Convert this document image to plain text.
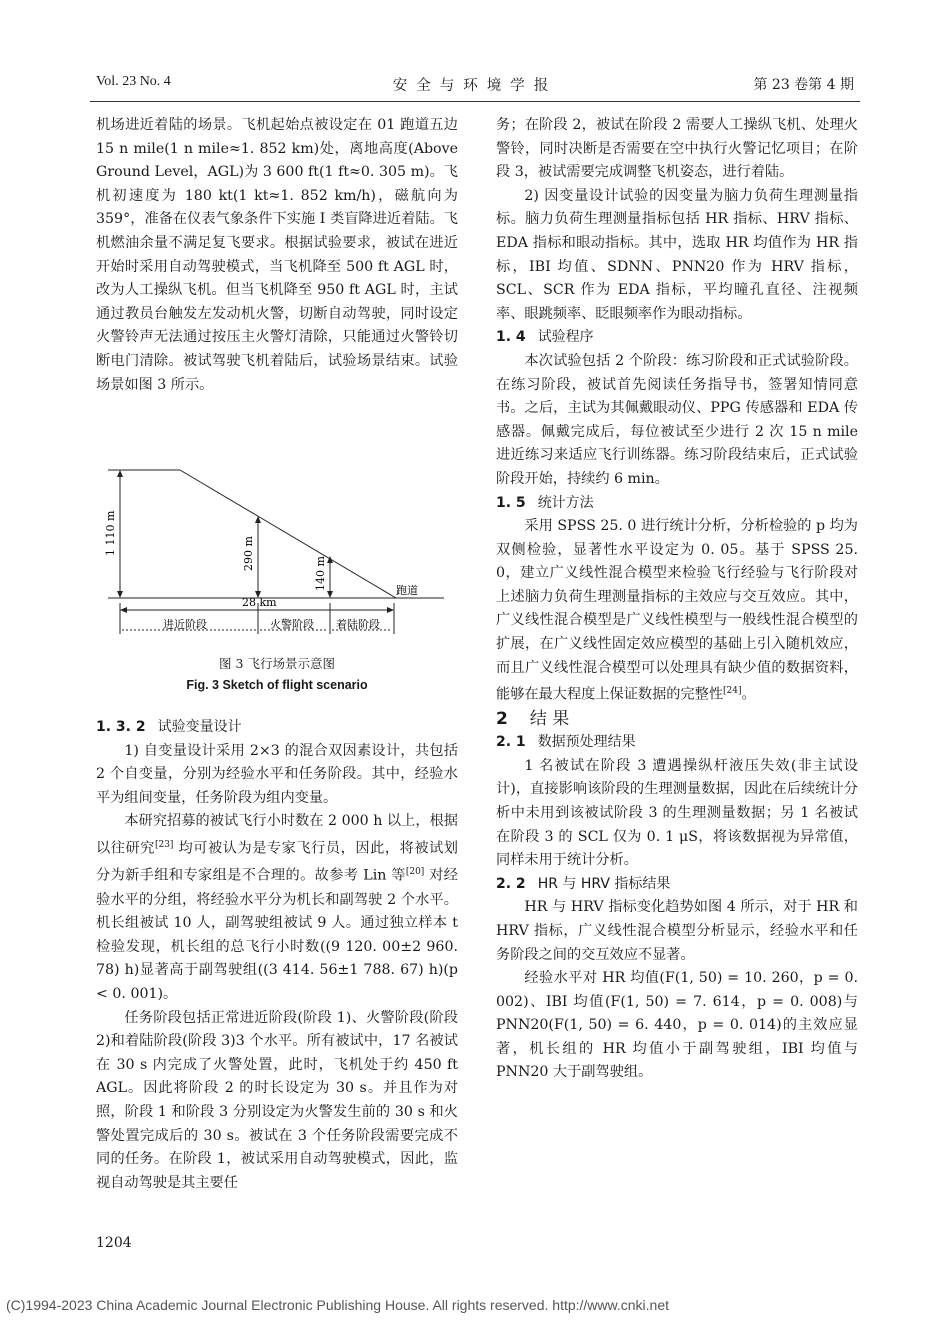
Vol. 23 No. 4	安全与环境学报	第 23 卷第 4 期

机场进近着陆的场景。飞机起始点被设定在 01 跑道五边 15 n mile(1 n mile≈1. 852 km)处，离地高度(Above Ground Level，AGL)为 3 600 ft(1 ft≈0. 305 m)。飞机初速度为 180 kt(1 kt≈1. 852 km/h)，磁航向为 359°，准备在仪表气象条件下实施 Ⅰ 类盲降进近着陆。飞机燃油余量不满足复飞要求。根据试验要求，被试在进近开始时采用自动驾驶模式，当飞机降至 500 ft AGL 时，改为人工操纵飞机。但当飞机降至 950 ft AGL 时，主试通过教员台触发左发动机火警，切断自动驾驶，同时设定火警铃声无法通过按压主火警灯清除，只能通过火警铃切断电门清除。被试驾驶飞机着陆后，试验场景结束。试验场景如图 3 所示。

1 110 m	290 m
140 m	跑道
28 km
进近阶段	火警阶段 着陆阶段
图 3 飞行场景示意图
Fig. 3 Sketch of flight scenario

1. 3. 2 试验变量设计

1) 自变量设计采用 2×3 的混合双因素设计，共包括 2 个自变量，分别为经验水平和任务阶段。其中，经验水平为组间变量，任务阶段为组内变量。

本研究招募的被试飞行小时数在 2 000 h 以上，根据以往研究[23] 均可被认为是专家飞行员，因此，将被试划分为新手组和专家组是不合理的。故参考 Lin 等[20] 对经验水平的分组，将经验水平分为机长和副驾驶 2 个水平。机长组被试 10 人，副驾驶组被试 9 人。通过独立样本 t 检验发现，机长组的总飞行小时数((9 120. 00±2 960. 78) h)显著高于副驾驶组((3 414. 56±1 788. 67) h)(p < 0. 001)。

任务阶段包括正常进近阶段(阶段 1)、火警阶段(阶段 2)和着陆阶段(阶段 3)3 个水平。所有被试中，17 名被试在 30 s 内完成了火警处置，此时，飞机处于约 450 ft AGL。因此将阶段 2 的时长设定为 30 s。并且作为对照，阶段 1 和阶段 3 分别设定为火警发生前的 30 s 和火警处置完成后的 30 s。被试在 3 个任务阶段需要完成不同的任务。在阶段 1，被试采用自动驾驶模式，因此，监视自动驾驶是其主要任

务；在阶段 2，被试在阶段 2 需要人工操纵飞机、处理火警铃，同时决断是否需要在空中执行火警记忆项目；在阶段 3，被试需要完成调整飞机姿态，进行着陆。

2) 因变量设计试验的因变量为脑力负荷生理测量指标。脑力负荷生理测量指标包括 HR 指标、HRV 指标、EDA 指标和眼动指标。其中，选取 HR 均值作为 HR 指标，IBI 均值、SDNN、PNN20 作为 HRV 指标，SCL、SCR 作为 EDA 指标，平均瞳孔直径、注视频率、眼跳频率、眨眼频率作为眼动指标。

1. 4 试验程序

本次试验包括 2 个阶段：练习阶段和正式试验阶段。在练习阶段，被试首先阅读任务指导书，签署知情同意书。之后，主试为其佩戴眼动仪、PPG 传感器和 EDA 传感器。佩戴完成后，每位被试至少进行 2 次 15 n mile 进近练习来适应飞行训练器。练习阶段结束后，正式试验阶段开始，持续约 6 min。

1. 5 统计方法

采用 SPSS 25. 0 进行统计分析，分析检验的 p 均为双侧检验，显著性水平设定为 0. 05。基于 SPSS 25. 0，建立广义线性混合模型来检验飞行经验与飞行阶段对上述脑力负荷生理测量指标的主效应与交互效应。其中，广义线性混合模型是广义线性模型与一般线性混合模型的扩展，在广义线性固定效应模型的基础上引入随机效应，而且广义线性混合模型可以处理具有缺少值的数据资料，能够在最大程度上保证数据的完整性[24]。

2 结 果

2. 1 数据预处理结果

1 名被试在阶段 3 遭遇操纵杆液压失效(非主试设计)，直接影响该阶段的生理测量数据，因此在后续统计分析中未用到该被试阶段 3 的生理测量数据；另 1 名被试在阶段 3 的 SCL 仅为 0. 1 μS，将该数据视为异常值，同样未用于统计分析。

2. 2 HR 与 HRV 指标结果

HR 与 HRV 指标变化趋势如图 4 所示，对于 HR 和 HRV 指标，广义线性混合模型分析显示，经验水平和任务阶段之间的交互效应不显著。

经验水平对 HR 均值(F(1, 50) = 10. 260，p = 0. 002)、IBI 均值(F(1, 50) = 7. 614，p = 0. 008)与 PNN20(F(1, 50) = 6. 440，p = 0. 014)的主效应显著，机长组的 HR 均值小于副驾驶组，IBI 均值与 PNN20 大于副驾驶组。

1204
(C)1994-2023 China Academic Journal Electronic Publishing House. All rights reserved. http://www.cnki.net
